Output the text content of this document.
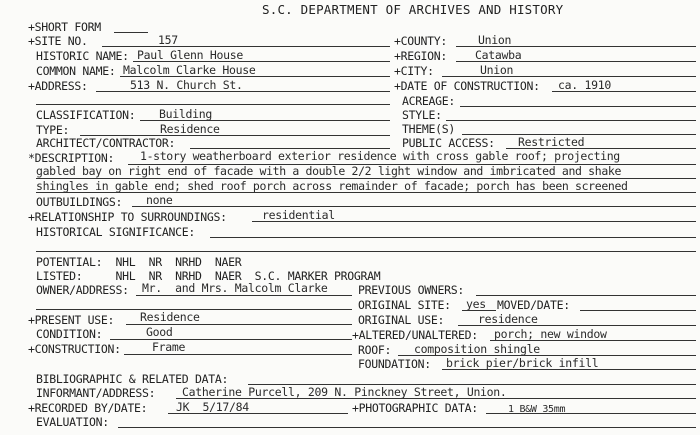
S.C. DEPARTMENT OF ARCHIVES AND HISTORY
+SHORT FORM
+SITE NO.	157
HISTORIC NAME: Paul Glenn House
COMMON NAME: Malcolm Clarke House
+ADDRESS:	513 N. Church St.
CLASSIFICATION: Building
TYPE:	Residence
ARCHITECT/CONTRACTOR:
+COUNTY:	Union
+REGION: Catawba
+CITY:	Union
+DATE OF CONSTRUCTION: ca. 1910
ACREAGE:
STYLE:
THEME(S)
PUBLIC ACCESS: Restricted
*DESCRIPTION: 1-story weatherboard exterior residence with cross gable roof; projecting
gabled bay on right end of facade with a double 2/2 light window and imbricated and shake
shingles in gable end; shed roof porch across remainder of facade; porch has been screened
OUTBUILDINGS: none
+RELATIONSHIP TO SURROUNDINGS:	residential
HISTORICAL SIGNIFICANCE:
POTENTIAL:  NHL  NR  NRHD  NAER
LISTED:     NHL  NR  NRHD  NAER  S.C. MARKER PROGRAM
OWNER/ADDRESS: Mr.  and Mrs. Malcolm Clarke	PREVIOUS OWNERS:
ORIGINAL SITE: yes MOVED/DATE:
ORIGINAL USE:	residence
+PRESENT USE: Residence
CONDITION:	Good	+ALTERED/UNALTERED: porch; new window
+CONSTRUCTION:	Frame	ROOF: composition shingle
FOUNDATION: brick pier/brick infill
BIBLIOGRAPHIC & RELATED DATA:
INFORMANT/ADDRESS: Catherine Purcell, 209 N. Pinckney Street, Union.
+RECORDED BY/DATE:	JK  5/17/84	+PHOTOGRAPHIC DATA:	1 B&W 35mm
EVALUATION:
